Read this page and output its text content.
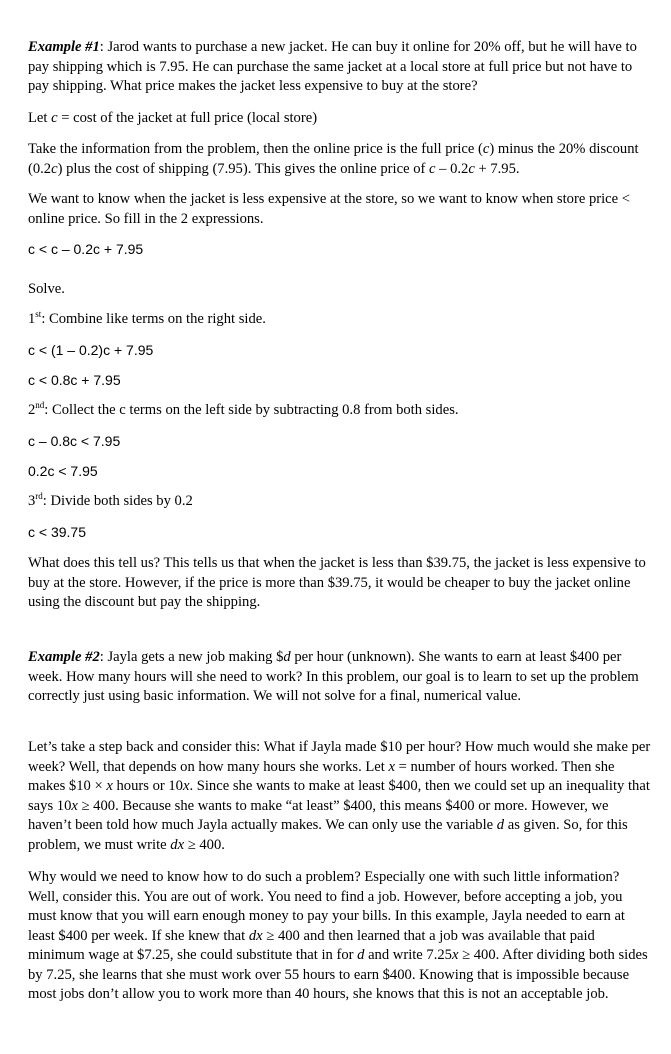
Example #1: Jarod wants to purchase a new jacket. He can buy it online for 20% off, but he will have to pay shipping which is 7.95. He can purchase the same jacket at a local store at full price but not have to pay shipping. What price makes the jacket less expensive to buy at the store?

Let c = cost of the jacket at full price (local store)

Take the information from the problem, then the online price is the full price (c) minus the 20% discount (0.2c) plus the cost of shipping (7.95). This gives the online price of c – 0.2c + 7.95.

We want to know when the jacket is less expensive at the store, so we want to know when store price < online price. So fill in the 2 expressions.

c < c – 0.2c + 7.95

Solve.

1st: Combine like terms on the right side.

c < (1 – 0.2)c + 7.95

c < 0.8c + 7.95

2nd: Collect the c terms on the left side by subtracting 0.8 from both sides.

c – 0.8c < 7.95

0.2c < 7.95

3rd: Divide both sides by 0.2

c < 39.75

What does this tell us? This tells us that when the jacket is less than $39.75, the jacket is less expensive to buy at the store. However, if the price is more than $39.75, it would be cheaper to buy the jacket online using the discount but pay the shipping.

Example #2: Jayla gets a new job making $d per hour (unknown). She wants to earn at least $400 per week. How many hours will she need to work? In this problem, our goal is to learn to set up the problem correctly just using basic information. We will not solve for a final, numerical value.

Let’s take a step back and consider this: What if Jayla made $10 per hour? How much would she make per week? Well, that depends on how many hours she works. Let x = number of hours worked. Then she makes $10 × x hours or 10x. Since she wants to make at least $400, then we could set up an inequality that says 10x ≥ 400. Because she wants to make “at least” $400, this means $400 or more. However, we haven’t been told how much Jayla actually makes. We can only use the variable d as given. So, for this problem, we must write dx ≥ 400.

Why would we need to know how to do such a problem? Especially one with such little information? Well, consider this. You are out of work. You need to find a job. However, before accepting a job, you must know that you will earn enough money to pay your bills. In this example, Jayla needed to earn at least $400 per week. If she knew that dx ≥ 400 and then learned that a job was available that paid minimum wage at $7.25, she could substitute that in for d and write 7.25x ≥ 400. After dividing both sides by 7.25, she learns that she must work over 55 hours to earn $400. Knowing that is impossible because most jobs don’t allow you to work more than 40 hours, she knows that this is not an acceptable job.
